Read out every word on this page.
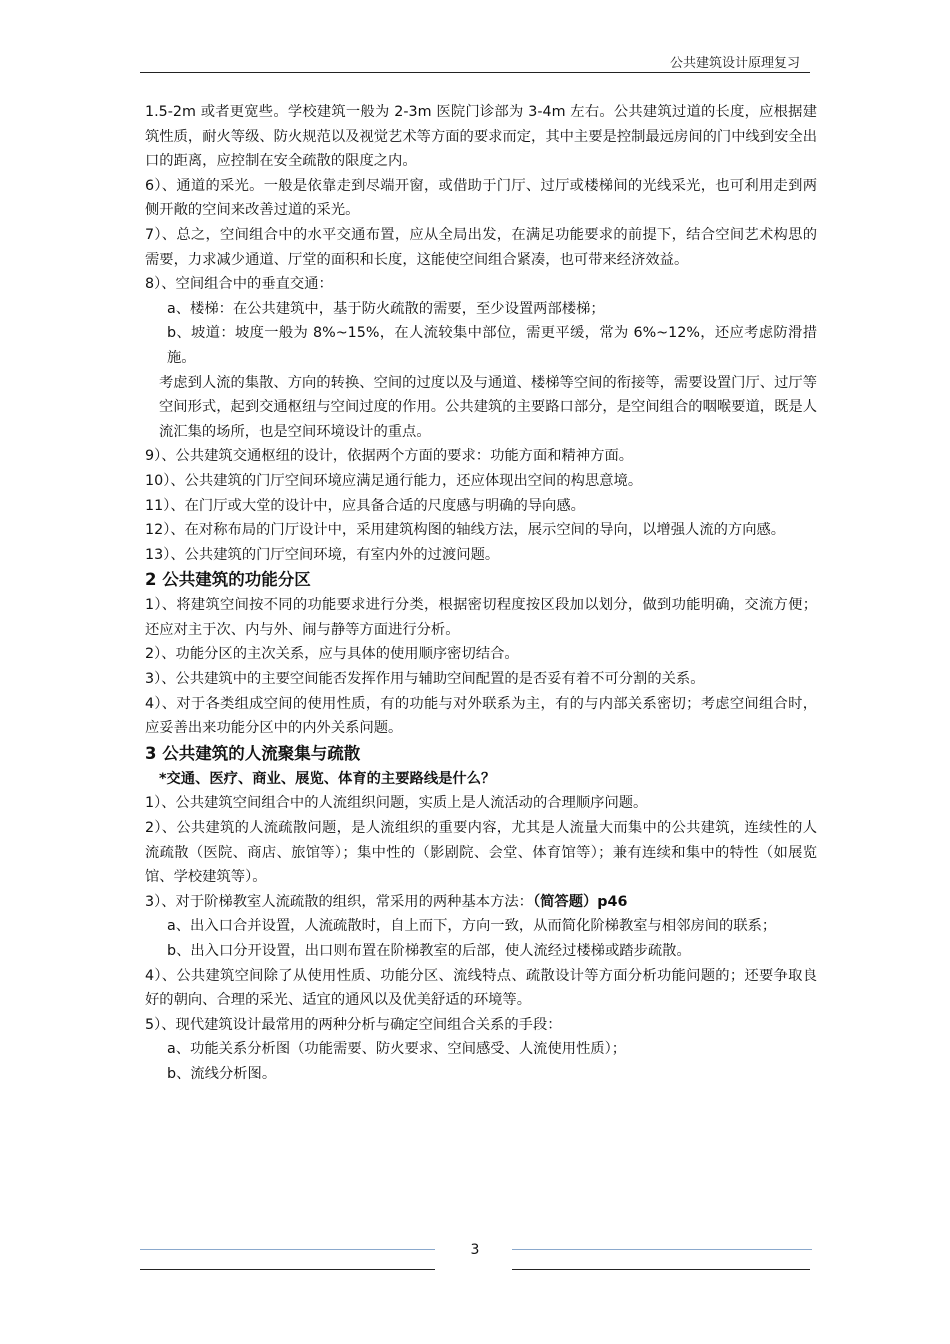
公共建筑设计原理复习

1.5-2m 或者更宽些。学校建筑一般为 2-3m 医院门诊部为 3-4m 左右。公共建筑过道的长度，应根据建筑性质，耐火等级、防火规范以及视觉艺术等方面的要求而定，其中主要是控制最远房间的门中线到安全出口的距离，应控制在安全疏散的限度之内。

6）、通道的采光。一般是依靠走到尽端开窗，或借助于门厅、过厅或楼梯间的光线采光，也可利用走到两侧开敞的空间来改善过道的采光。

7）、总之，空间组合中的水平交通布置，应从全局出发，在满足功能要求的前提下，结合空间艺术构思的需要，力求减少通道、厅堂的面积和长度，这能使空间组合紧凑，也可带来经济效益。

8）、空间组合中的垂直交通：

a、楼梯：在公共建筑中，基于防火疏散的需要，至少设置两部楼梯；

b、坡道：坡度一般为 8%~15%，在人流较集中部位，需更平缓，常为 6%~12%，还应考虑防滑措施。

考虑到人流的集散、方向的转换、空间的过度以及与通道、楼梯等空间的衔接等，需要设置门厅、过厅等空间形式，起到交通枢纽与空间过度的作用。公共建筑的主要路口部分，是空间组合的咽喉要道，既是人流汇集的场所，也是空间环境设计的重点。

9）、公共建筑交通枢纽的设计，依据两个方面的要求：功能方面和精神方面。

10）、公共建筑的门厅空间环境应满足通行能力，还应体现出空间的构思意境。

11）、在门厅或大堂的设计中，应具备合适的尺度感与明确的导向感。

12）、在对称布局的门厅设计中，采用建筑构图的轴线方法，展示空间的导向，以增强人流的方向感。

13）、公共建筑的门厅空间环境，有室内外的过渡问题。

2 公共建筑的功能分区

1）、将建筑空间按不同的功能要求进行分类，根据密切程度按区段加以划分，做到功能明确，交流方便；还应对主于次、内与外、闹与静等方面进行分析。

2）、功能分区的主次关系，应与具体的使用顺序密切结合。

3）、公共建筑中的主要空间能否发挥作用与辅助空间配置的是否妥有着不可分割的关系。

4）、对于各类组成空间的使用性质，有的功能与对外联系为主，有的与内部关系密切；考虑空间组合时，应妥善出来功能分区中的内外关系问题。

3 公共建筑的人流聚集与疏散

*交通、医疗、商业、展览、体育的主要路线是什么？

1）、公共建筑空间组合中的人流组织问题，实质上是人流活动的合理顺序问题。

2）、公共建筑的人流疏散问题，是人流组织的重要内容，尤其是人流量大而集中的公共建筑，连续性的人流疏散（医院、商店、旅馆等）；集中性的（影剧院、会堂、体育馆等）；兼有连续和集中的特性（如展览馆、学校建筑等）。

3）、对于阶梯教室人流疏散的组织，常采用的两种基本方法：（简答题）p46

a、出入口合并设置，人流疏散时，自上而下，方向一致，从而简化阶梯教室与相邻房间的联系；

b、出入口分开设置，出口则布置在阶梯教室的后部，使人流经过楼梯或踏步疏散。

4）、公共建筑空间除了从使用性质、功能分区、流线特点、疏散设计等方面分析功能问题的；还要争取良好的朝向、合理的采光、适宜的通风以及优美舒适的环境等。

5）、现代建筑设计最常用的两种分析与确定空间组合关系的手段：

a、功能关系分析图（功能需要、防火要求、空间感受、人流使用性质）；

b、流线分析图。

3
